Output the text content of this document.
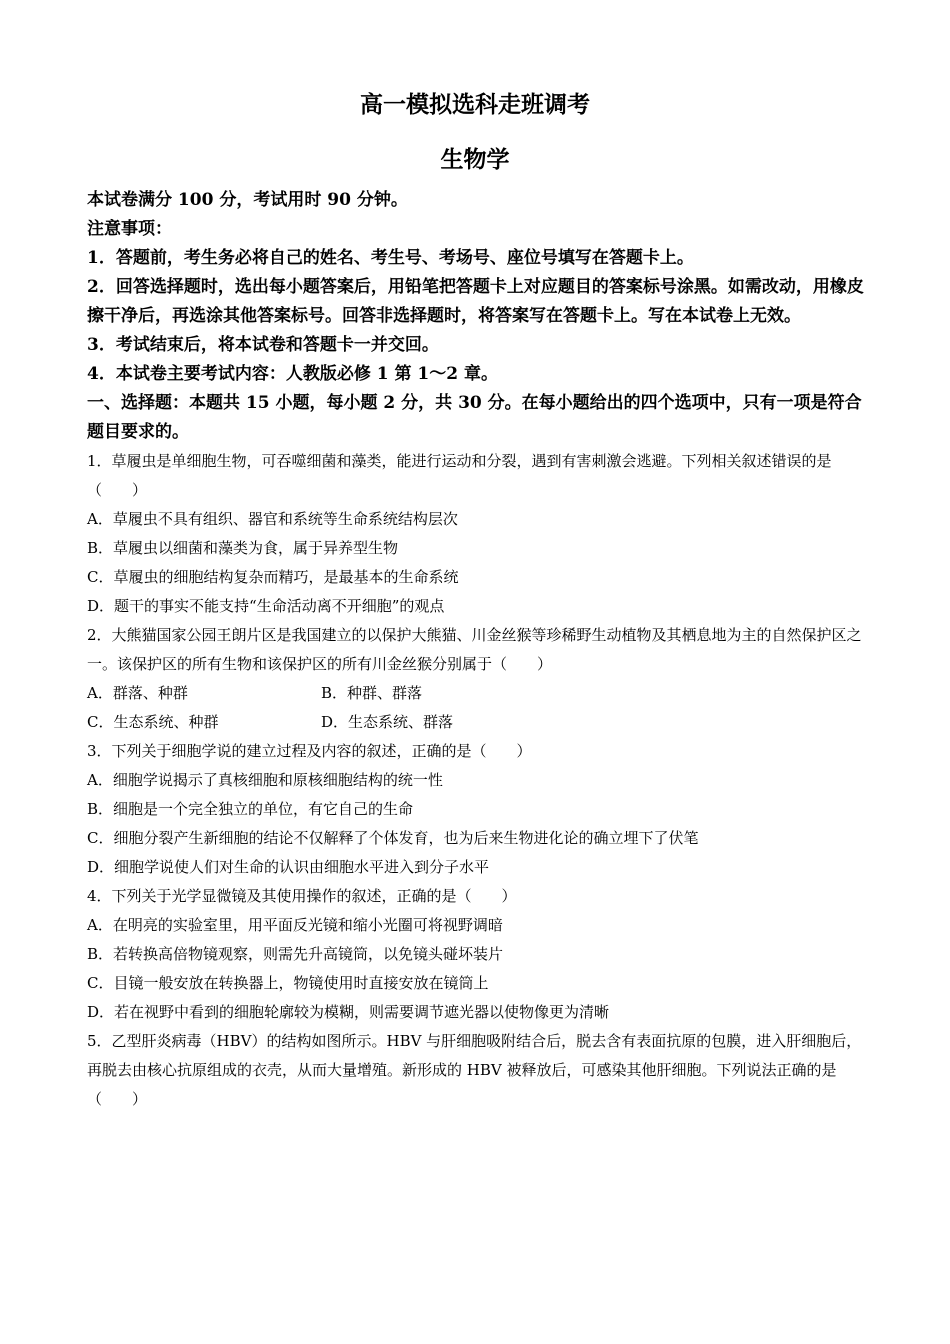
高一模拟选科走班调考
生物学
本试卷满分 100 分，考试用时 90 分钟。
注意事项：
1．答题前，考生务必将自己的姓名、考生号、考场号、座位号填写在答题卡上。
2．回答选择题时，选出每小题答案后，用铅笔把答题卡上对应题目的答案标号涂黑。如需改动，用橡皮擦干净后，再选涂其他答案标号。回答非选择题时，将答案写在答题卡上。写在本试卷上无效。
3．考试结束后，将本试卷和答题卡一并交回。
4．本试卷主要考试内容：人教版必修 1 第 1～2 章。
一、选择题：本题共 15 小题，每小题 2 分，共 30 分。在每小题给出的四个选项中，只有一项是符合题目要求的。
1．草履虫是单细胞生物，可吞噬细菌和藻类，能进行运动和分裂，遇到有害刺激会逃避。下列相关叙述错误的是（　　）
A．草履虫不具有组织、器官和系统等生命系统结构层次
B．草履虫以细菌和藻类为食，属于异养型生物
C．草履虫的细胞结构复杂而精巧，是最基本的生命系统
D．题干的事实不能支持“生命活动离不开细胞”的观点
2．大熊猫国家公园王朗片区是我国建立的以保护大熊猫、川金丝猴等珍稀野生动植物及其栖息地为主的自然保护区之一。该保护区的所有生物和该保护区的所有川金丝猴分别属于（　　）
A．群落、种群	B．种群、群落
C．生态系统、种群	D．生态系统、群落
3．下列关于细胞学说的建立过程及内容的叙述，正确的是（　　）
A．细胞学说揭示了真核细胞和原核细胞结构的统一性
B．细胞是一个完全独立的单位，有它自己的生命
C．细胞分裂产生新细胞的结论不仅解释了个体发育，也为后来生物进化论的确立埋下了伏笔
D．细胞学说使人们对生命的认识由细胞水平进入到分子水平
4．下列关于光学显微镜及其使用操作的叙述，正确的是（　　）
A．在明亮的实验室里，用平面反光镜和缩小光圈可将视野调暗
B．若转换高倍物镜观察，则需先升高镜筒，以免镜头碰坏装片
C．目镜一般安放在转换器上，物镜使用时直接安放在镜筒上
D．若在视野中看到的细胞轮廓较为模糊，则需要调节遮光器以使物像更为清晰
5．乙型肝炎病毒（HBV）的结构如图所示。HBV 与肝细胞吸附结合后，脱去含有表面抗原的包膜，进入肝细胞后，再脱去由核心抗原组成的衣壳，从而大量增殖。新形成的 HBV 被释放后，可感染其他肝细胞。下列说法正确的是（　　）
